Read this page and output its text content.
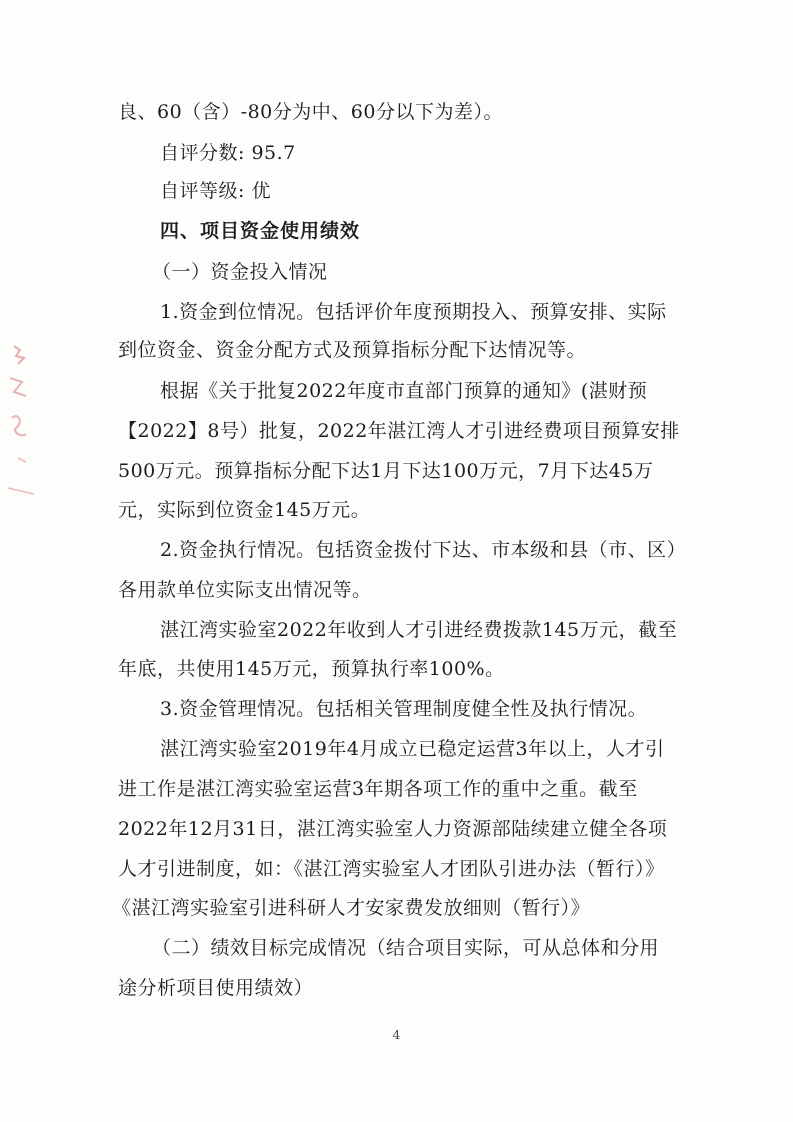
良、60（含）-80分为中、60分以下为差）。
自评分数: 95.7
自评等级: 优
四、项目资金使用绩效
（一）资金投入情况
1.资金到位情况。包括评价年度预期投入、预算安排、实际
到位资金、资金分配方式及预算指标分配下达情况等。
根据《关于批复2022年度市直部门预算的通知》(湛财预
【2022】8号）批复，2022年湛江湾人才引进经费项目预算安排
500万元。预算指标分配下达1月下达100万元，7月下达45万
元，实际到位资金145万元。
2.资金执行情况。包括资金拨付下达、市本级和县（市、区）
各用款单位实际支出情况等。
湛江湾实验室2022年收到人才引进经费拨款145万元，截至
年底，共使用145万元，预算执行率100%。
3.资金管理情况。包括相关管理制度健全性及执行情况。
湛江湾实验室2019年4月成立已稳定运营3年以上，人才引
进工作是湛江湾实验室运营3年期各项工作的重中之重。截至
2022年12月31日，湛江湾实验室人力资源部陆续建立健全各项
人才引进制度，如：《湛江湾实验室人才团队引进办法（暂行）》
《湛江湾实验室引进科研人才安家费发放细则（暂行）》
（二）绩效目标完成情况（结合项目实际，可从总体和分用
途分析项目使用绩效）
4
